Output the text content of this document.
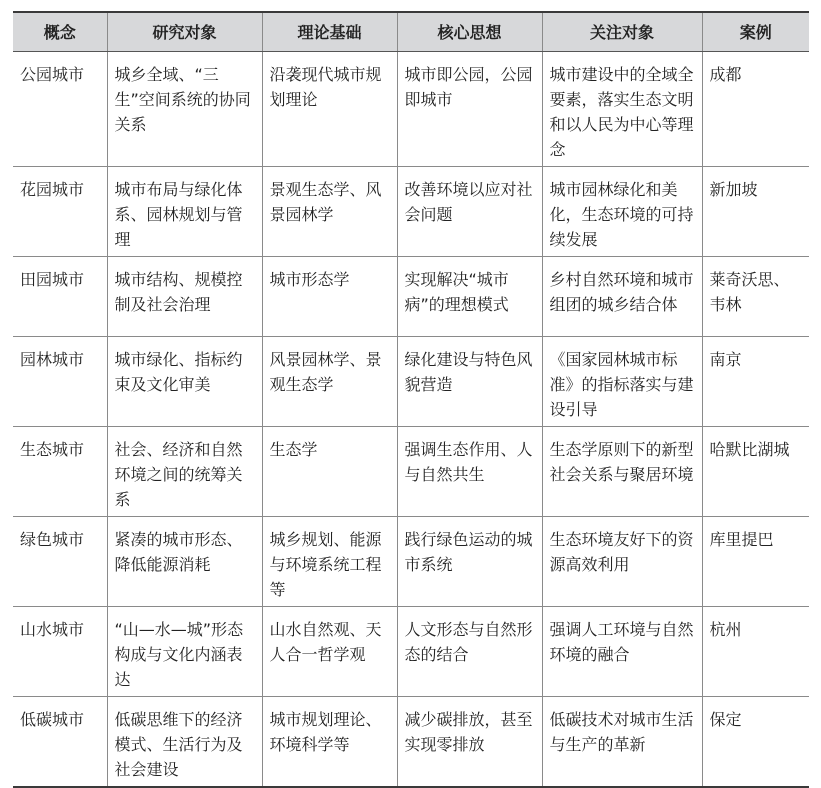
概念	研究对象	理论基础	核心思想	关注对象	案例
公园城市	城乡全域、“三生”空间系统的协同关系	沿袭现代城市规划理论	城市即公园，公园即城市	城市建设中的全域全要素，落实生态文明和以人民为中心等理念	成都
花园城市	城市布局与绿化体系、园林规划与管理	景观生态学、风景园林学	改善环境以应对社会问题	城市园林绿化和美化，生态环境的可持续发展	新加坡
田园城市	城市结构、规模控制及社会治理	城市形态学	实现解决“城市病”的理想模式	乡村自然环境和城市组团的城乡结合体	莱奇沃思、韦林
园林城市	城市绿化、指标约束及文化审美	风景园林学、景观生态学	绿化建设与特色风貌营造	《国家园林城市标准》的指标落实与建设引导	南京
生态城市	社会、经济和自然环境之间的统筹关系	生态学	强调生态作用、人与自然共生	生态学原则下的新型社会关系与聚居环境	哈默比湖城
绿色城市	紧凑的城市形态、降低能源消耗	城乡规划、能源与环境系统工程等	践行绿色运动的城市系统	生态环境友好下的资源高效利用	库里提巴
山水城市	“山—水—城”形态构成与文化内涵表达	山水自然观、天人合一哲学观	人文形态与自然形态的结合	强调人工环境与自然环境的融合	杭州
低碳城市	低碳思维下的经济模式、生活行为及社会建设	城市规划理论、环境科学等	减少碳排放，甚至实现零排放	低碳技术对城市生活与生产的革新	保定
